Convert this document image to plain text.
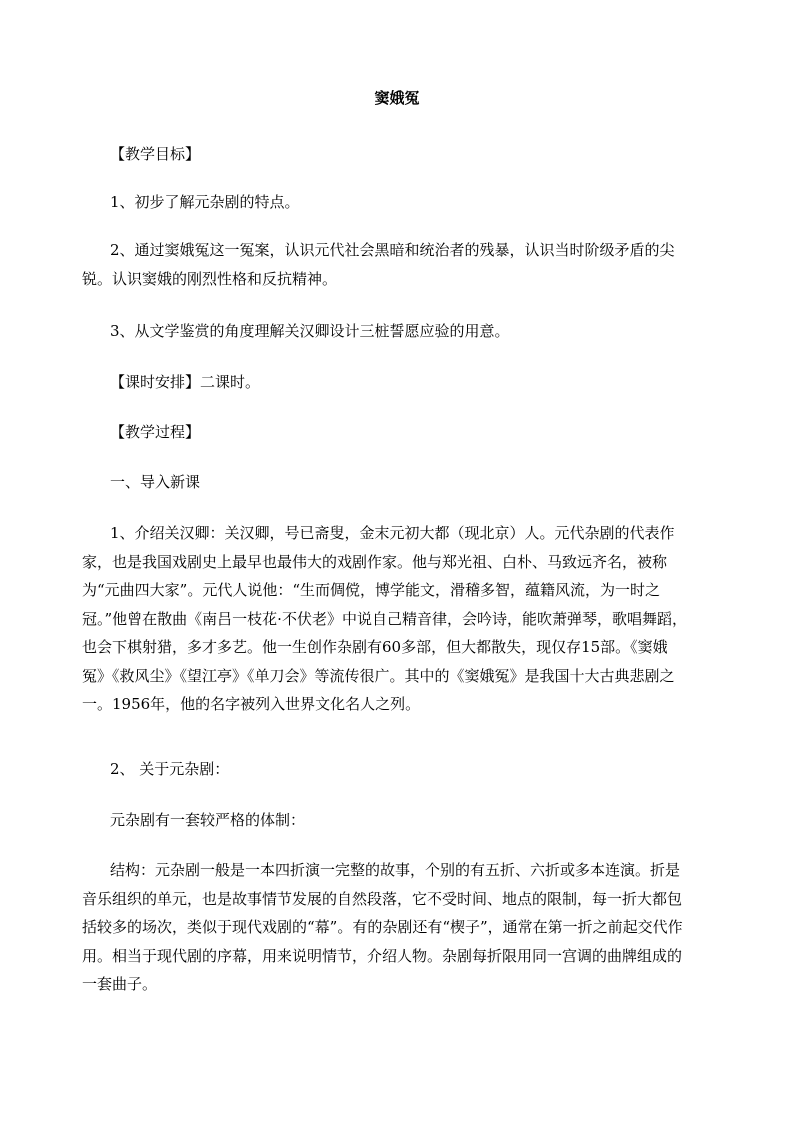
窦娥冤
【教学目标】
1、初步了解元杂剧的特点。
2、通过窦娥冤这一冤案，认识元代社会黑暗和统治者的残暴，认识当时阶级矛盾的尖锐。认识窦娥的刚烈性格和反抗精神。
3、从文学鉴赏的角度理解关汉卿设计三桩誓愿应验的用意。
【课时安排】二课时。
【教学过程】
一、导入新课
1、介绍关汉卿：关汉卿，号已斋叟，金末元初大都（现北京）人。元代杂剧的代表作家，也是我国戏剧史上最早也最伟大的戏剧作家。他与郑光祖、白朴、马致远齐名，被称为“元曲四大家”。元代人说他：“生而倜傥，博学能文，滑稽多智，蕴籍风流，为一时之冠。”他曾在散曲《南吕一枝花·不伏老》中说自己精音律，会吟诗，能吹萧弹琴，歌唱舞蹈，也会下棋射猎，多才多艺。他一生创作杂剧有60多部，但大都散失，现仅存15部。《窦娥冤》《救风尘》《望江亭》《单刀会》等流传很广。其中的《窦娥冤》是我国十大古典悲剧之一。1956年，他的名字被列入世界文化名人之列。
2、 关于元杂剧：
元杂剧有一套较严格的体制：
结构：元杂剧一般是一本四折演一完整的故事，个别的有五折、六折或多本连演。折是音乐组织的单元，也是故事情节发展的自然段落，它不受时间、地点的限制，每一折大都包括较多的场次，类似于现代戏剧的“幕”。有的杂剧还有“楔子”，通常在第一折之前起交代作用。相当于现代剧的序幕，用来说明情节，介绍人物。杂剧每折限用同一宫调的曲牌组成的一套曲子。
